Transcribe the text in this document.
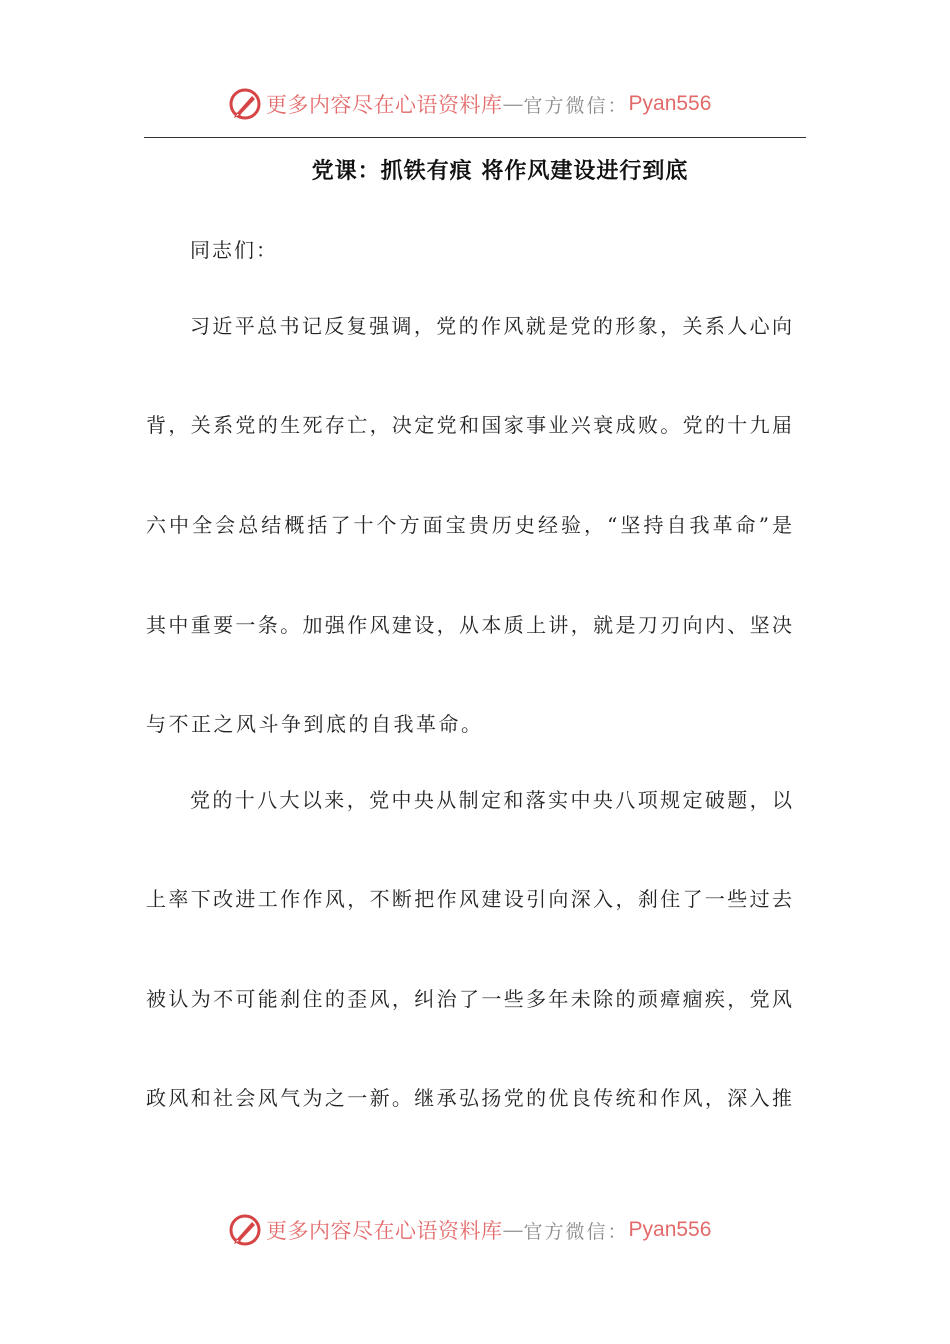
更多内容尽在心语资料库 — 官方微信： Pyan556
党课：抓铁有痕 将作风建设进行到底
同志们：
习近平总书记反复强调，党的作风就是党的形象，关系人心向
背，关系党的生死存亡，决定党和国家事业兴衰成败。党的十九届
六中全会总结概括了十个方面宝贵历史经验，“坚持自我革命”是
其中重要一条。加强作风建设，从本质上讲，就是刀刃向内、坚决
与不正之风斗争到底的自我革命。
党的十八大以来，党中央从制定和落实中央八项规定破题，以
上率下改进工作作风，不断把作风建设引向深入，刹住了一些过去
被认为不可能刹住的歪风，纠治了一些多年未除的顽瘴痼疾，党风
政风和社会风气为之一新。继承弘扬党的优良传统和作风，深入推
更多内容尽在心语资料库 — 官方微信： Pyan556
